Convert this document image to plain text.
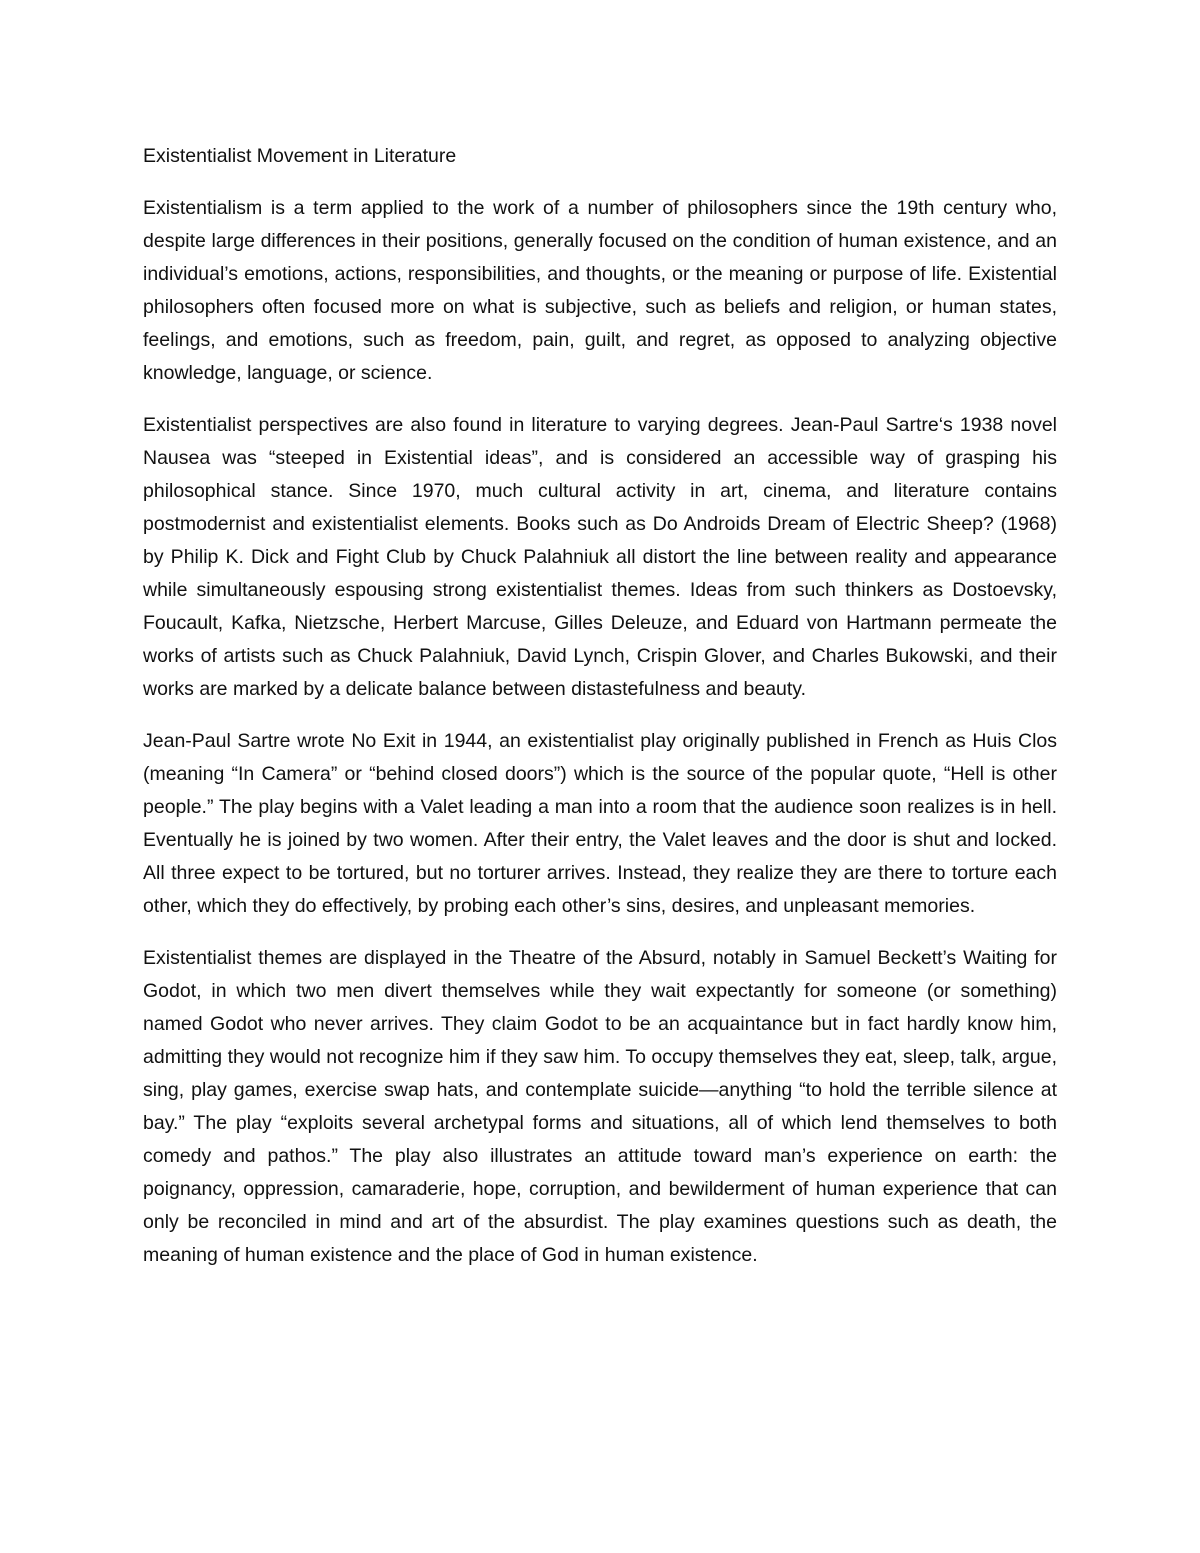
Existentialist Movement in Literature

Existentialism is a term applied to the work of a number of philosophers since the 19th century who, despite large differences in their positions, generally focused on the condition of human existence, and an individual’s emotions, actions, responsibilities, and thoughts, or the meaning or purpose of life. Existential philosophers often focused more on what is subjective, such as beliefs and religion, or human states, feelings, and emotions, such as freedom, pain, guilt, and regret, as opposed to analyzing objective knowledge, language, or science.

Existentialist perspectives are also found in literature to varying degrees. Jean-Paul Sartre‘s 1938 novel Nausea was “steeped in Existential ideas”, and is considered an accessible way of grasping his philosophical stance. Since 1970, much cultural activity in art, cinema, and literature contains postmodernist and existentialist elements. Books such as Do Androids Dream of Electric Sheep? (1968) by Philip K. Dick and Fight Club by Chuck Palahniuk all distort the line between reality and appearance while simultaneously espousing strong existentialist themes. Ideas from such thinkers as Dostoevsky, Foucault, Kafka, Nietzsche, Herbert Marcuse, Gilles Deleuze, and Eduard von Hartmann permeate the works of artists such as Chuck Palahniuk, David Lynch, Crispin Glover, and Charles Bukowski, and their works are marked by a delicate balance between distastefulness and beauty.

Jean-Paul Sartre wrote No Exit in 1944, an existentialist play originally published in French as Huis Clos (meaning “In Camera” or “behind closed doors”) which is the source of the popular quote, “Hell is other people.” The play begins with a Valet leading a man into a room that the audience soon realizes is in hell. Eventually he is joined by two women. After their entry, the Valet leaves and the door is shut and locked. All three expect to be tortured, but no torturer arrives. Instead, they realize they are there to torture each other, which they do effectively, by probing each other’s sins, desires, and unpleasant memories.

Existentialist themes are displayed in the Theatre of the Absurd, notably in Samuel Beckett’s Waiting for Godot, in which two men divert themselves while they wait expectantly for someone (or something) named Godot who never arrives. They claim Godot to be an acquaintance but in fact hardly know him, admitting they would not recognize him if they saw him. To occupy themselves they eat, sleep, talk, argue, sing, play games, exercise swap hats, and contemplate suicide—anything “to hold the terrible silence at bay.” The play “exploits several archetypal forms and situations, all of which lend themselves to both comedy and pathos.” The play also illustrates an attitude toward man’s experience on earth: the poignancy, oppression, camaraderie, hope, corruption, and bewilderment of human experience that can only be reconciled in mind and art of the absurdist. The play examines questions such as death, the meaning of human existence and the place of God in human existence.
